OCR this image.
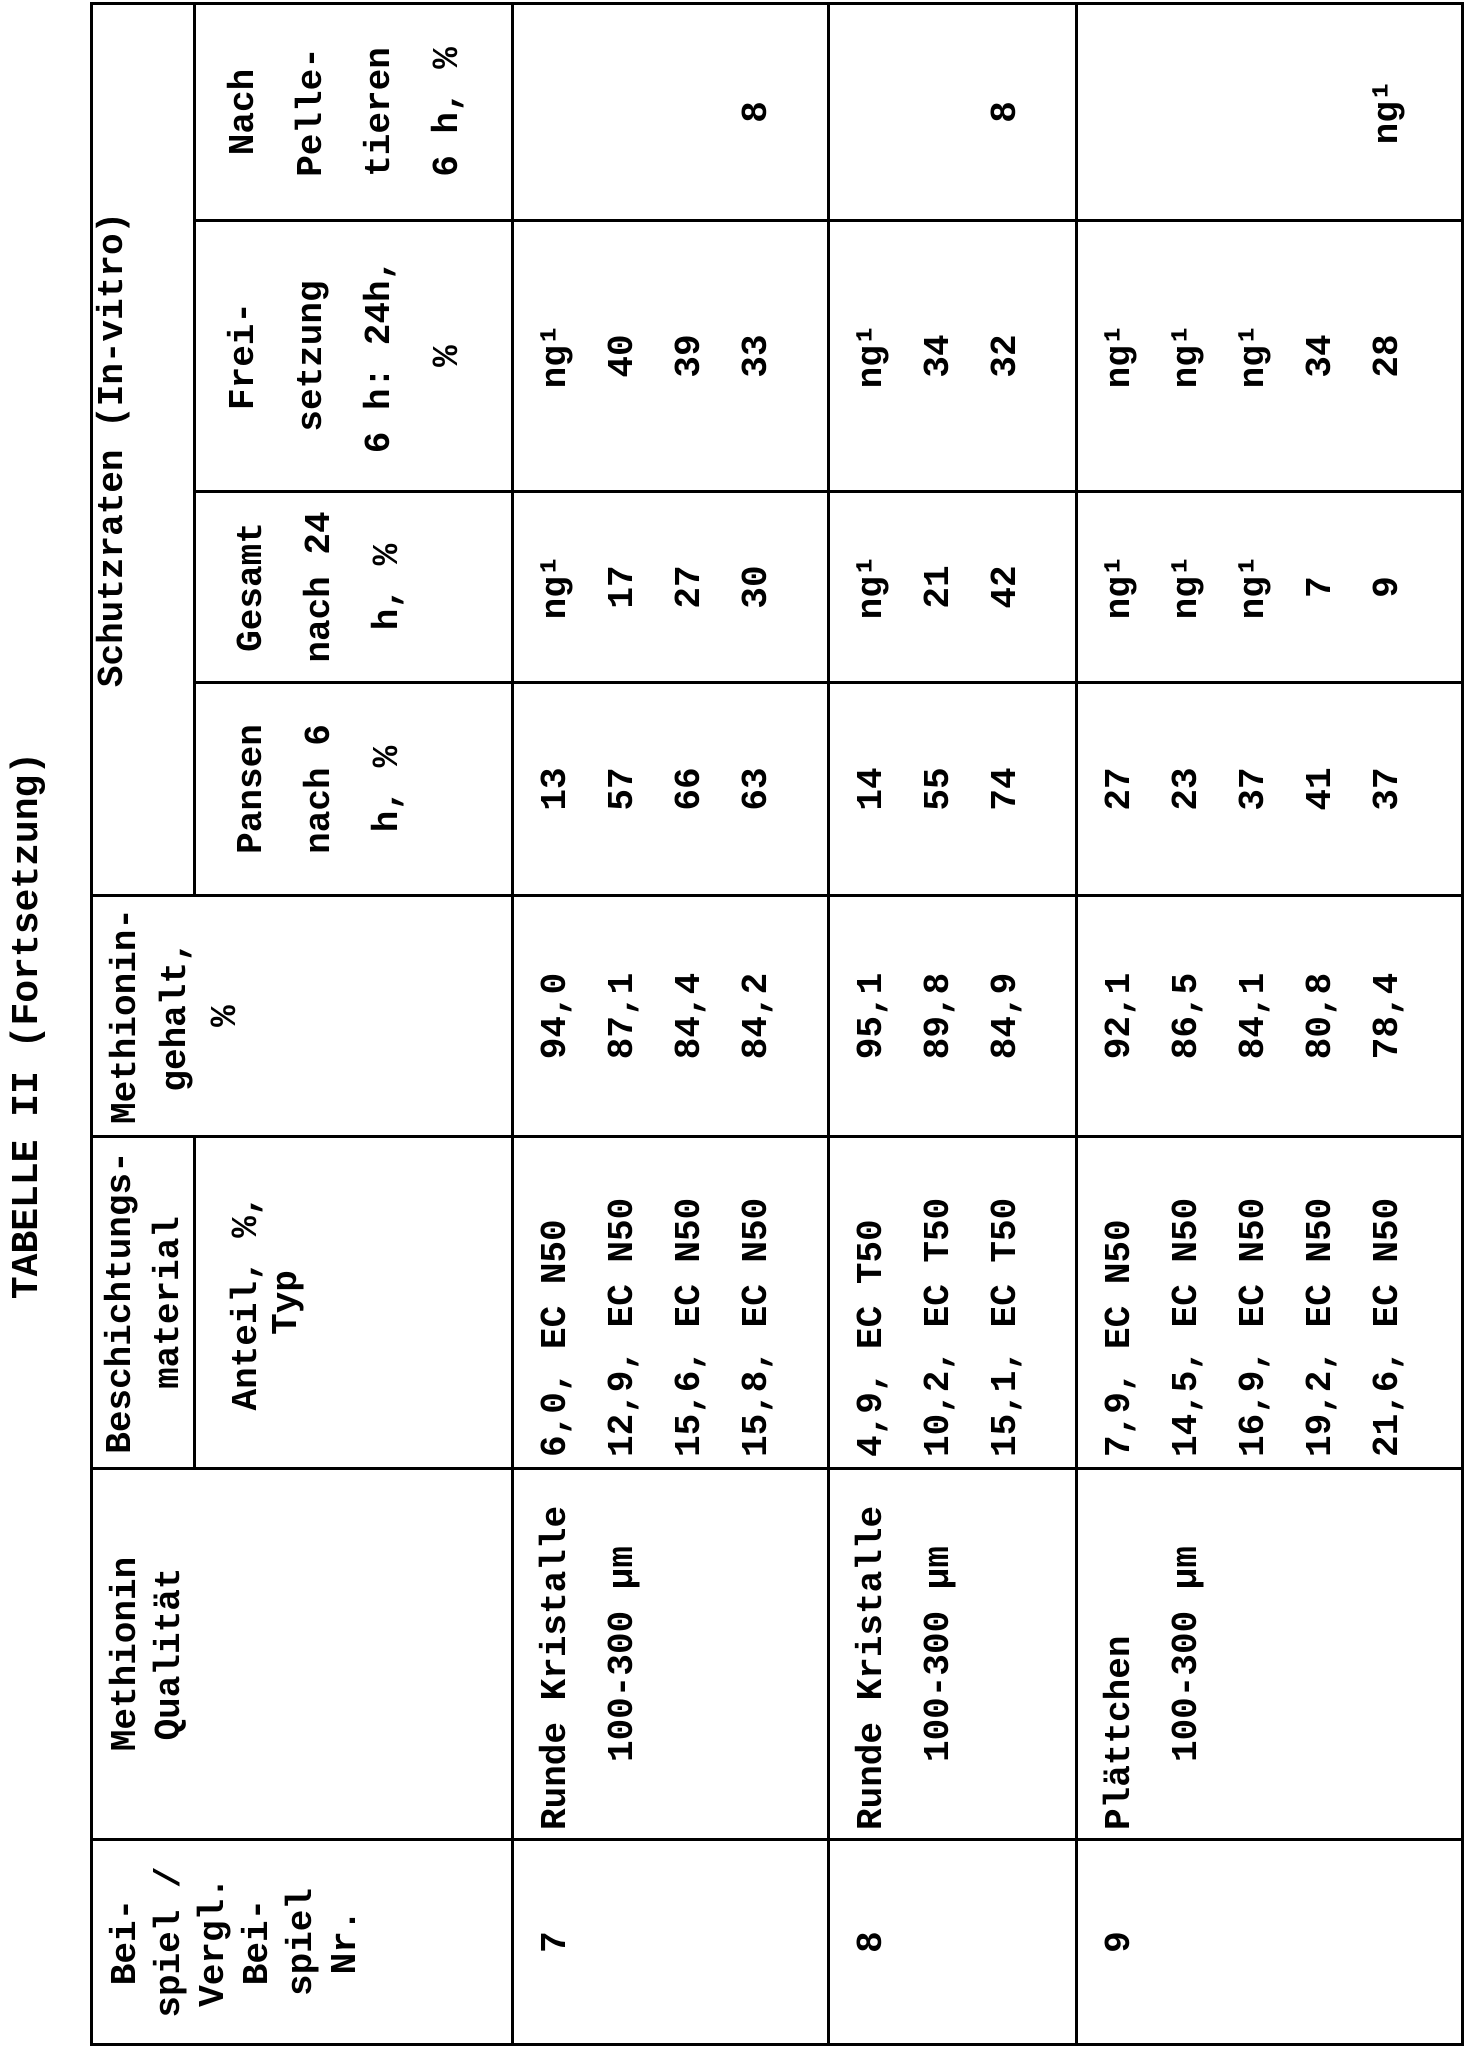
TABELLE II (Fortsetzung)
Bei- spiel / Vergl. Bei- spiel Nr.

Methionin Qualität

Beschichtungs- material

Methionin- gehalt, %
	Schutzraten (In-vitro)

Anteil, %, Typ

Pansen nach 6 h, %

Gesamt nach 24 h, %

Frei- setzung 6 h: 24h, %

Nach Pelle- tieren 6 h, %

7

Runde Kristalle 100-300 µm

6,0, EC N50 12,9, EC N50 15,6, EC N50 15,8, EC N50

94,0 87,1 84,4 84,2

13 57 66 63

ng¹ 17 27 30

ng¹ 40 39 33

8

8

Runde Kristalle 100-300 µm

4,9, EC T50 10,2, EC T50 15,1, EC T50

95,1 89,8 84,9

14 55 74

ng¹ 21 42

ng¹ 34 32

8

9

Plättchen 100-300 µm

7,9, EC N50 14,5, EC N50 16,9, EC N50 19,2, EC N50 21,6, EC N50

92,1 86,5 84,1 80,8 78,4

27 23 37 41 37

ng¹ ng¹ ng¹ 7 9

ng¹ ng¹ ng¹ 34 28

ng¹
